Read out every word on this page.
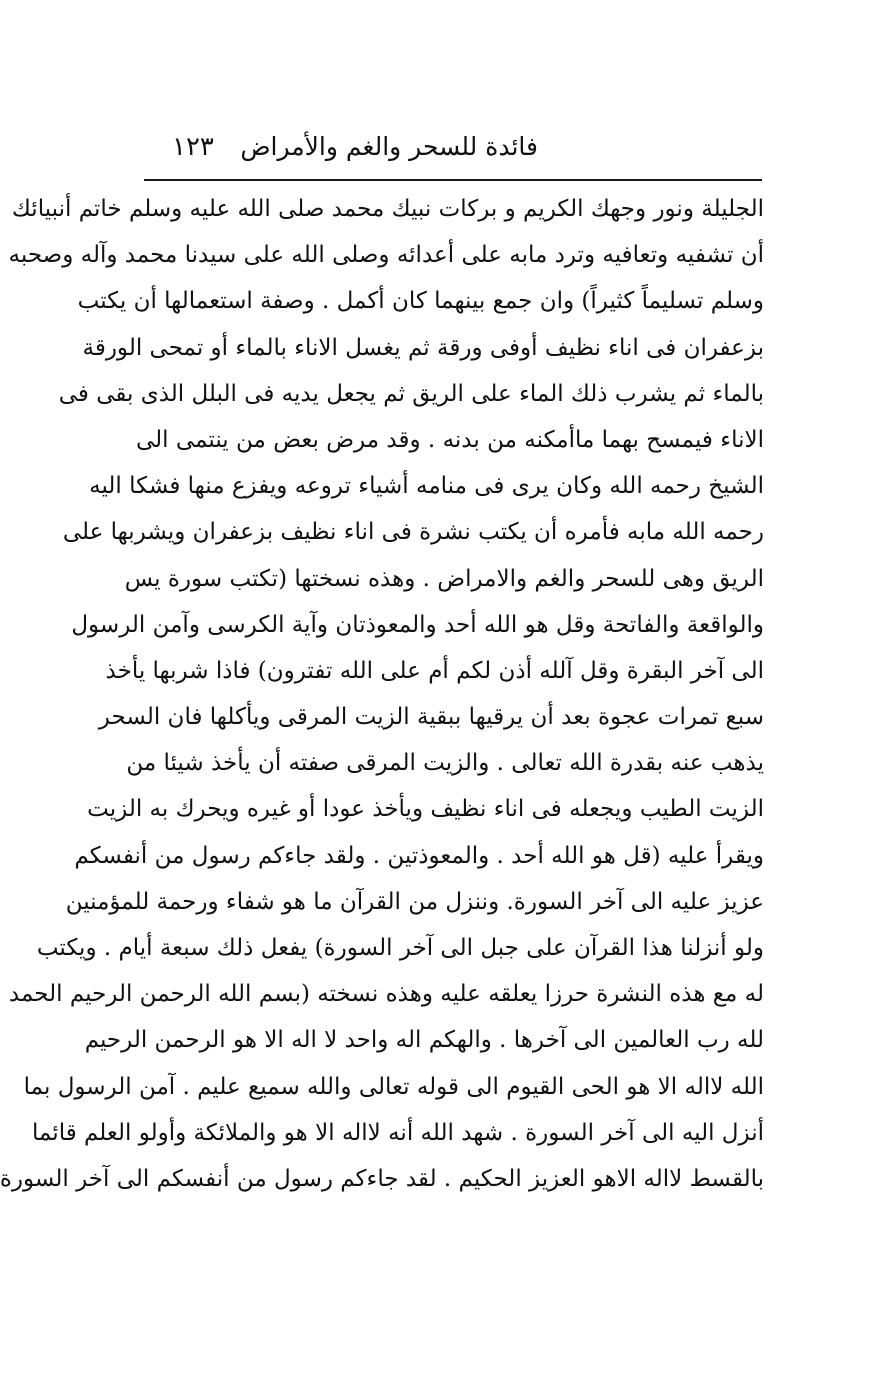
فائدة للسحر والغم والأمراض
١٢٣
الجليلة ونور وجهك الكريم و بركات نبيك محمد صلى الله عليه وسلم خاتم أنبيائك
أن تشفيه وتعافيه وترد مابه على أعدائه وصلى الله على سيدنا محمد وآله وصحبه
وسلم تسليماً كثيراً) وان جمع بينهما كان أكمل . وصفة استعمالها أن يكتب
بزعفران فى اناء نظيف أوفى ورقة ثم يغسل الاناء بالماء أو تمحى الورقة
بالماء ثم يشرب ذلك الماء على الريق ثم يجعل يديه فى البلل الذى بقى فى
الاناء فيمسح بهما ماأمكنه من بدنه . وقد مرض بعض من ينتمى الى
الشيخ رحمه الله وكان يرى فى منامه أشياء تروعه ويفزع منها فشكا اليه
رحمه الله مابه فأمره أن يكتب نشرة فى اناء نظيف بزعفران ويشربها على
الريق وهى للسحر والغم والامراض . وهذه نسختها (تكتب سورة يس
والواقعة والفاتحة وقل هو الله أحد والمعوذتان وآية الكرسى وآمن الرسول
الى آخر البقرة وقل آلله أذن لكم أم على الله تفترون) فاذا شربها يأخذ
سبع تمرات عجوة بعد أن يرقيها ببقية الزيت المرقى ويأكلها فان السحر
يذهب عنه بقدرة الله تعالى . والزيت المرقى صفته أن يأخذ شيئا من
الزيت الطيب ويجعله فى اناء نظيف ويأخذ عودا أو غيره ويحرك به الزيت
ويقرأ عليه (قل هو الله أحد . والمعوذتين . ولقد جاءكم رسول من أنفسكم
عزيز عليه الى آخر السورة. وننزل من القرآن ما هو شفاء ورحمة للمؤمنين
ولو أنزلنا هذا القرآن على جبل الى آخر السورة) يفعل ذلك سبعة أيام . ويكتب
له مع هذه النشرة حرزا يعلقه عليه وهذه نسخته (بسم الله الرحمن الرحيم الحمد
لله رب العالمين الى آخرها . والهكم اله واحد لا اله الا هو الرحمن الرحيم
الله لااله الا هو الحى القيوم الى قوله تعالى والله سميع عليم . آمن الرسول بما
أنزل اليه الى آخر السورة . شهد الله أنه لااله الا هو والملائكة وأولو العلم قائما
بالقسط لااله الاهو العزيز الحكيم . لقد جاءكم رسول من أنفسكم الى آخر السورة
